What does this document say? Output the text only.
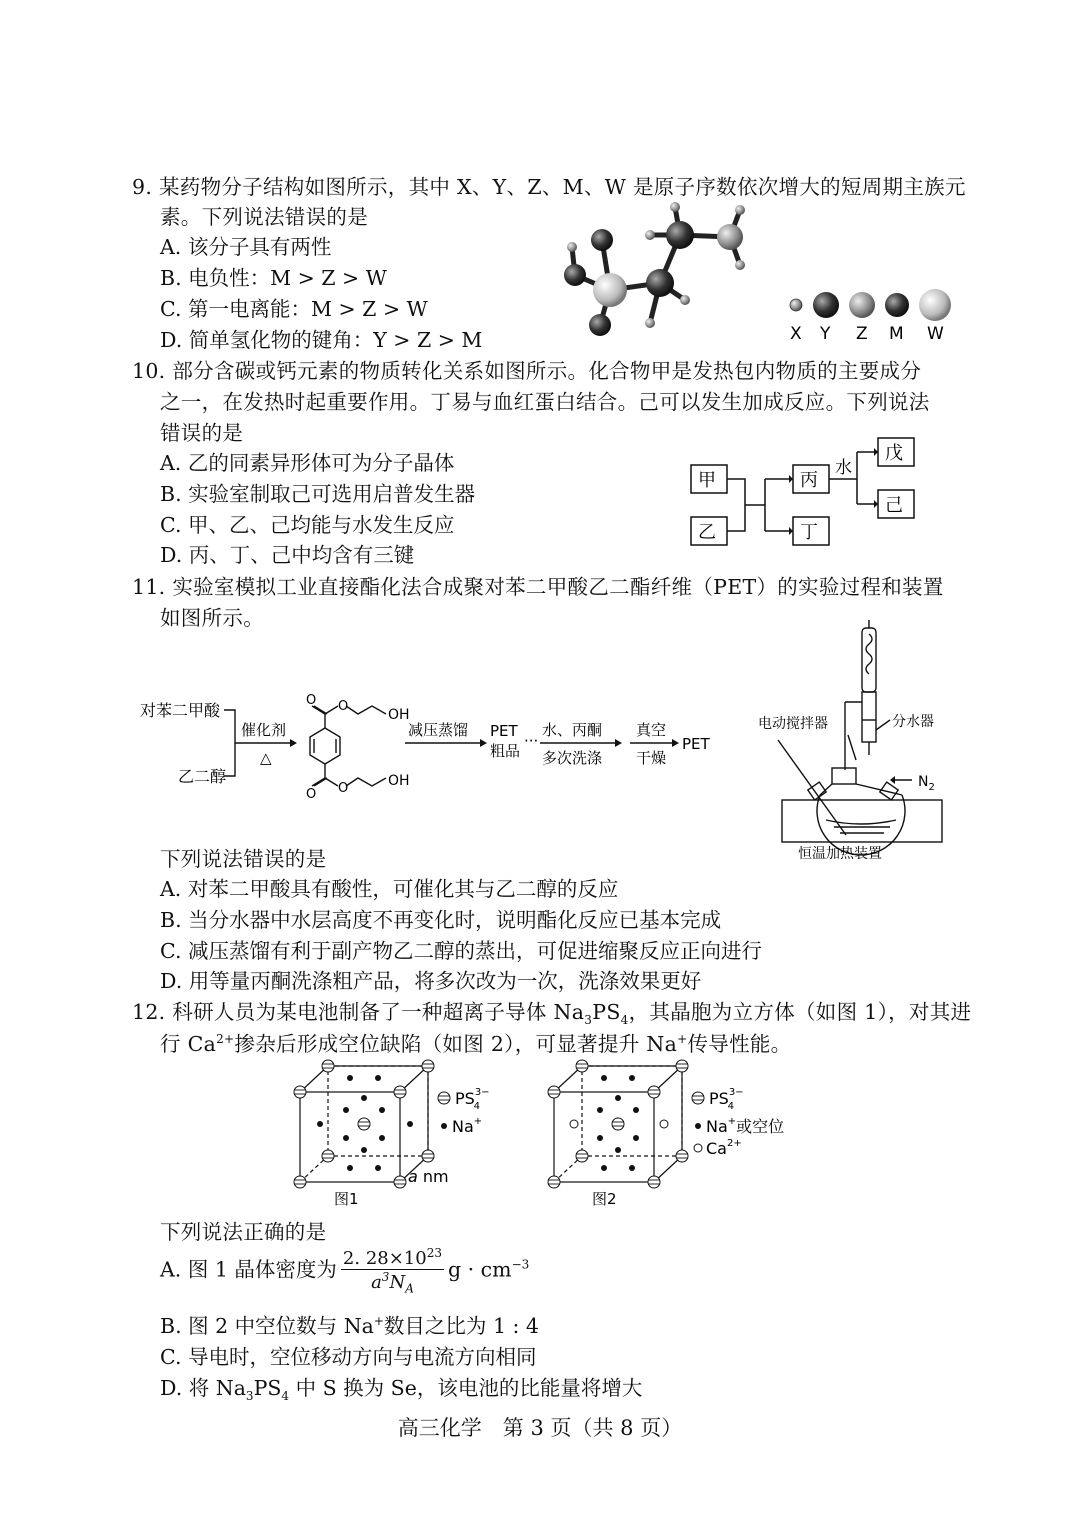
9. 某药物分子结构如图所示，其中 X、Y、Z、M、W 是原子序数依次增大的短周期主族元
素。下列说法错误的是
A. 该分子具有两性
B. 电负性：M > Z > W
C. 第一电离能：M > Z > W
D. 简单氢化物的键角：Y > Z > M	X Y Z M W
10. 部分含碳或钙元素的物质转化关系如图所示。化合物甲是发热包内物质的主要成分
之一，在发热时起重要作用。丁易与血红蛋白结合。己可以发生加成反应。下列说法
错误的是
A. 乙的同素异形体可为分子晶体
B. 实验室制取己可选用启普发生器
C. 甲、乙、己均能与水发生反应
D. 丙、丁、己中均含有三键
甲
乙
丙
丁
戊
己
水
11. 实验室模拟工业直接酯化法合成聚对苯二甲酸乙二酯纤维（PET）的实验过程和装置
如图所示。
对苯二甲酸
乙二醇
催化剂
△
O O
O O
OH
OH
减压蒸馏 PET
粗品
···
水、丙酮
多次洗涤
真空
干燥
PET
电动搅拌器	分水器
$N_2$
恒温加热装置
下列说法错误的是
A. 对苯二甲酸具有酸性，可催化其与乙二醇的反应
B. 当分水器中水层高度不再变化时，说明酯化反应已基本完成
C. 减压蒸馏有利于副产物乙二醇的蒸出，可促进缩聚反应正向进行
D. 用等量丙酮洗涤粗产品，将多次改为一次，洗涤效果更好
12. 科研人员为某电池制备了一种超离子导体 $Na_3PS_4$，其晶胞为立方体（如图 1），对其进
行 $Ca^{2+}$掺杂后形成空位缺陷（如图 2），可显著提升 Na+传导性能。
a nm
图1
$PS^{3-}$ 4
Na+
图2
$PS^{3-}$ 4
Na+或空位
$Ca^{2+}$
下列说法正确的是
A. 图 1 晶体密度为 $\frac{2. 28\times 10^{23}}{a^3N_A}$ $g \cdot cm^{-3}$
B. 图 2 中空位数与 Na+数目之比为 1 : 4
C. 导电时，空位移动方向与电流方向相同
D. 将 $Na_3PS_4$ 中 S 换为 Se，该电池的比能量将增大
高三化学　第 3 页（共 8 页）
